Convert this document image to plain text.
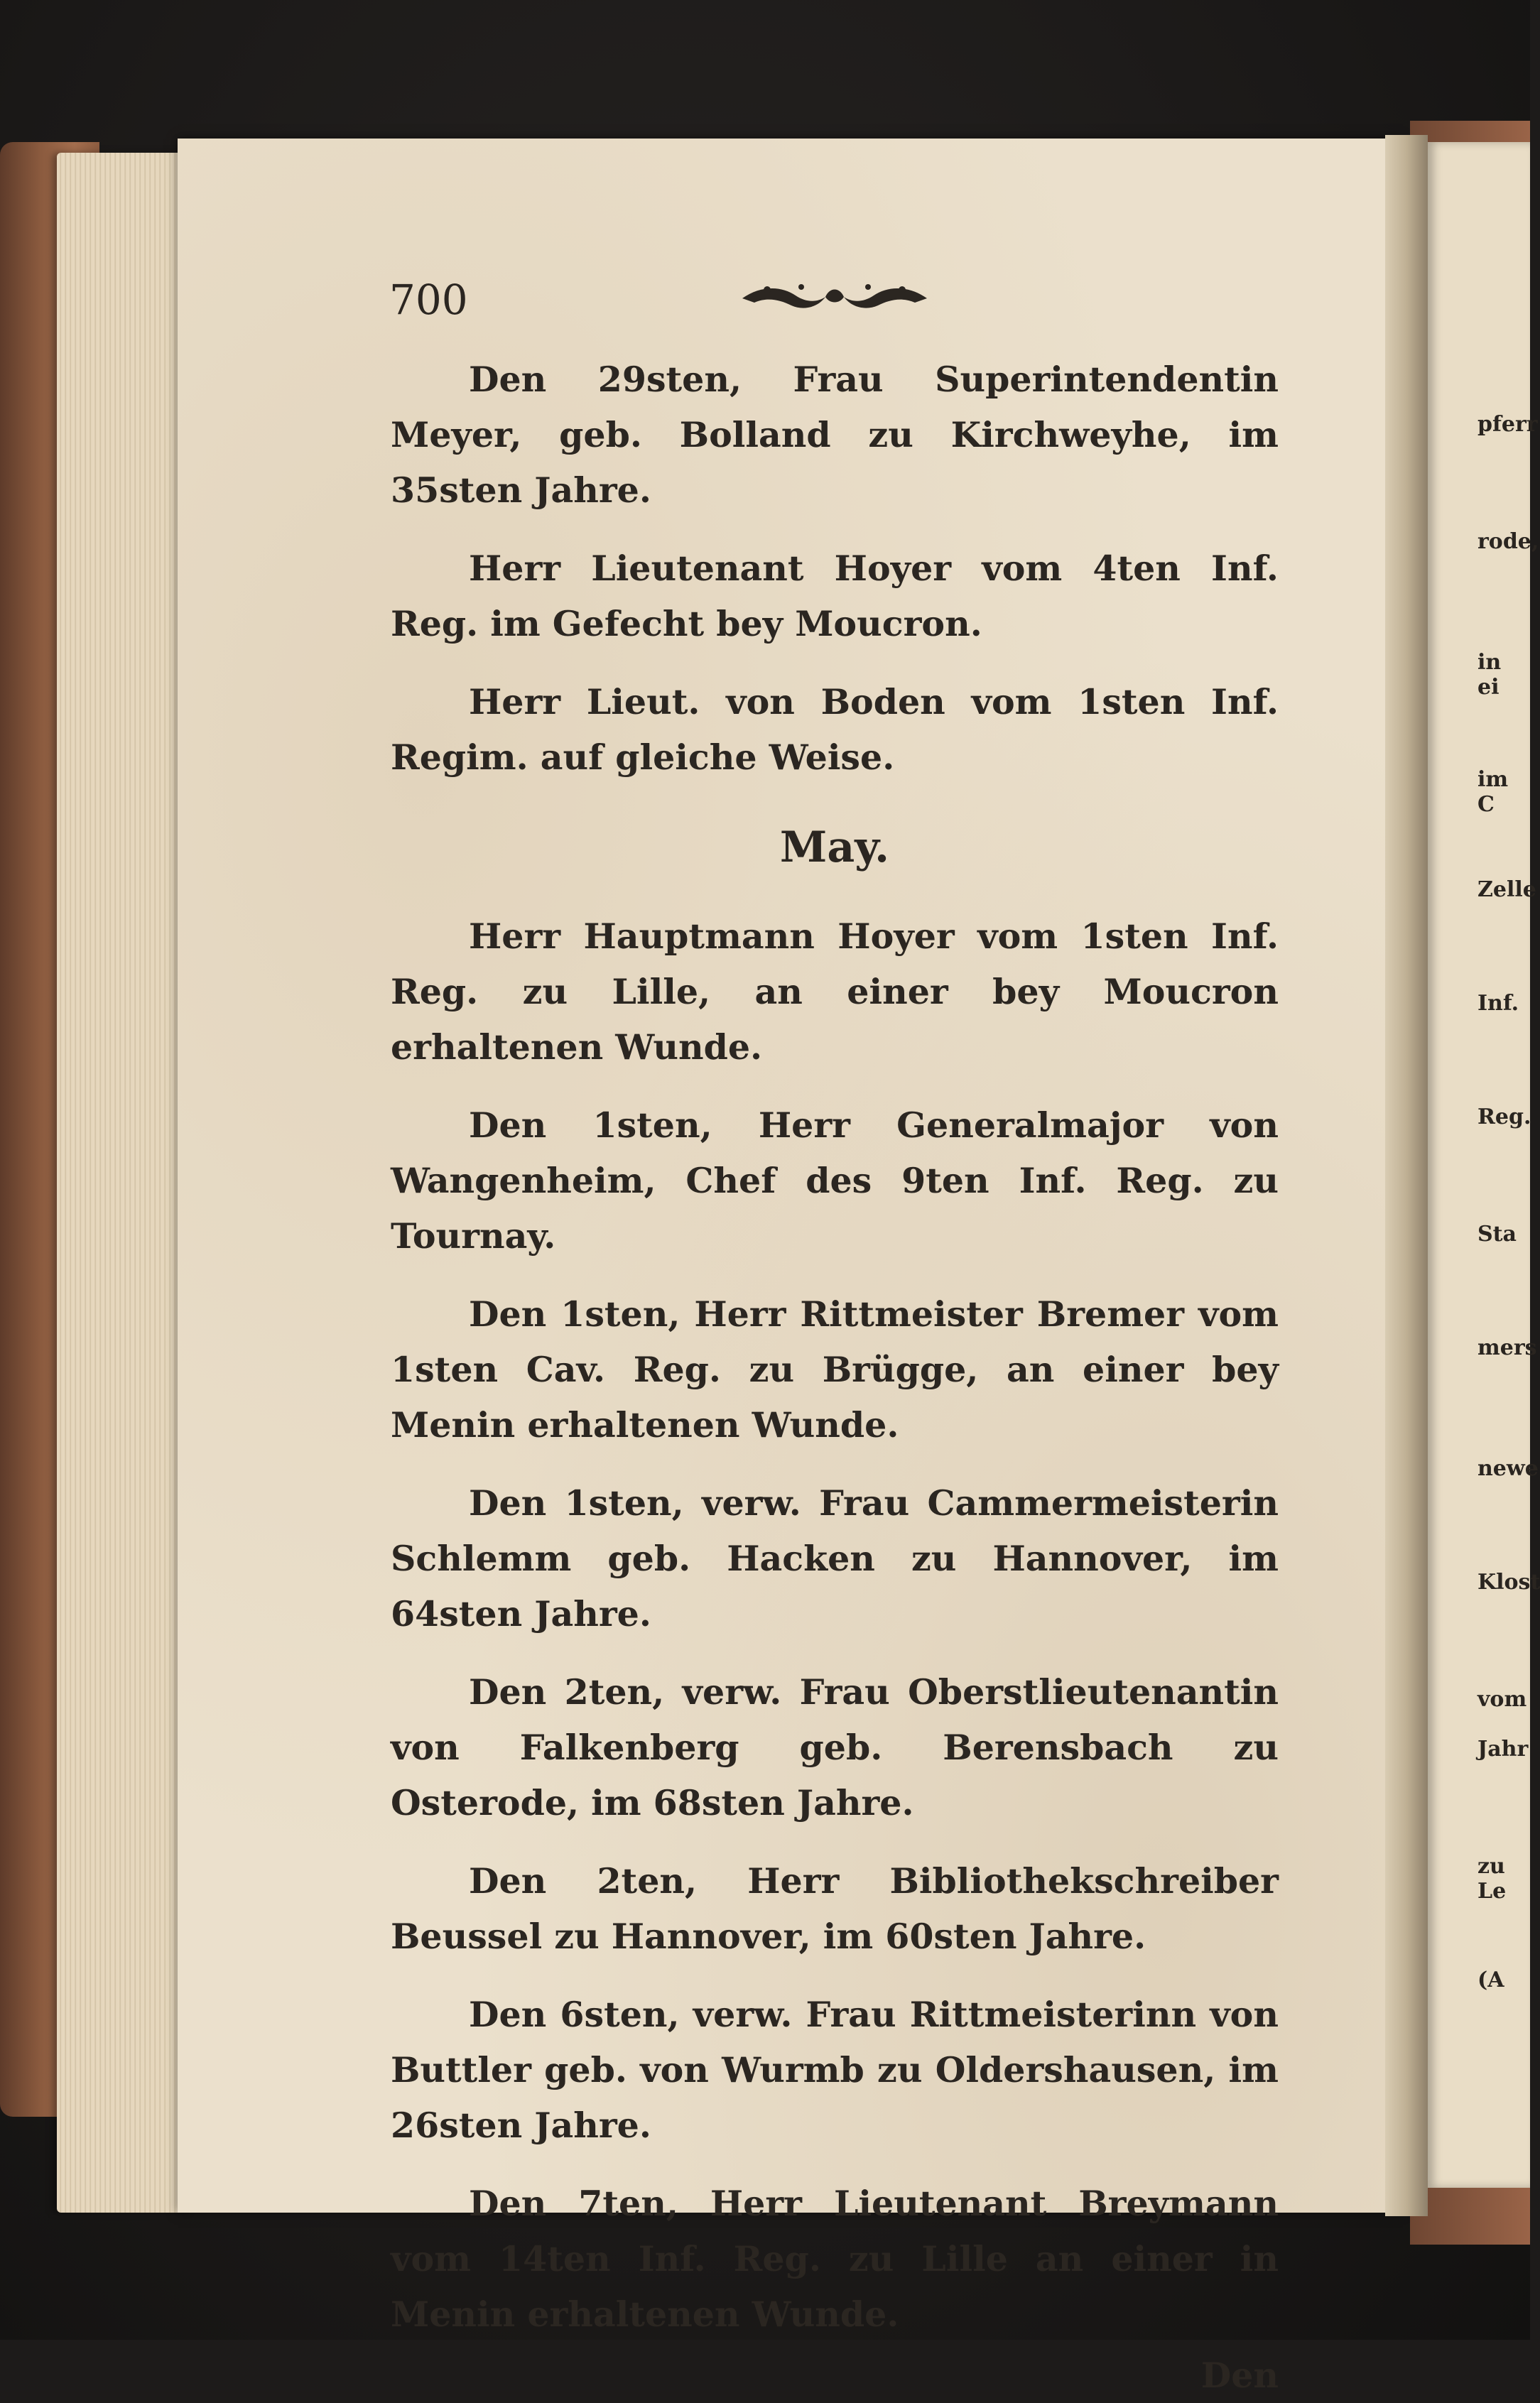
pferr
rode,
in ei
im C
Zelle
Inf.
Reg.
Sta
mers
newe
Klost
vom
Jahr
zu Le
(A
700

Den 29sten, Frau Superintendentin Meyer, geb. Bolland zu Kirchweyhe, im 35sten Jahre.

Herr Lieutenant Hoyer vom 4ten Inf. Reg. im Gefecht bey Moucron.

Herr Lieut. von Boden vom 1sten Inf. Regim. auf gleiche Weise.

May.

Herr Hauptmann Hoyer vom 1sten Inf. Reg. zu Lille, an einer bey Moucron erhaltenen Wunde.

Den 1sten, Herr Generalmajor von Wangenheim, Chef des 9ten Inf. Reg. zu Tournay.

Den 1sten, Herr Rittmeister Bremer vom 1sten Cav. Reg. zu Brügge, an einer bey Menin erhaltenen Wunde.

Den 1sten, verw. Frau Cammermeisterin Schlemm geb. Hacken zu Hannover, im 64sten Jahre.

Den 2ten, verw. Frau Oberstlieutenantin von Falkenberg geb. Berensbach zu Osterode, im 68sten Jahre.

Den 2ten, Herr Bibliothekschreiber Beussel zu Hannover, im 60sten Jahre.

Den 6sten, verw. Frau Rittmeisterinn von Buttler geb. von Wurmb zu Oldershausen, im 26sten Jahre.

Den 7ten, Herr Lieutenant Breymann vom 14ten Inf. Reg. zu Lille an einer in Menin erhaltenen Wunde.

Den
